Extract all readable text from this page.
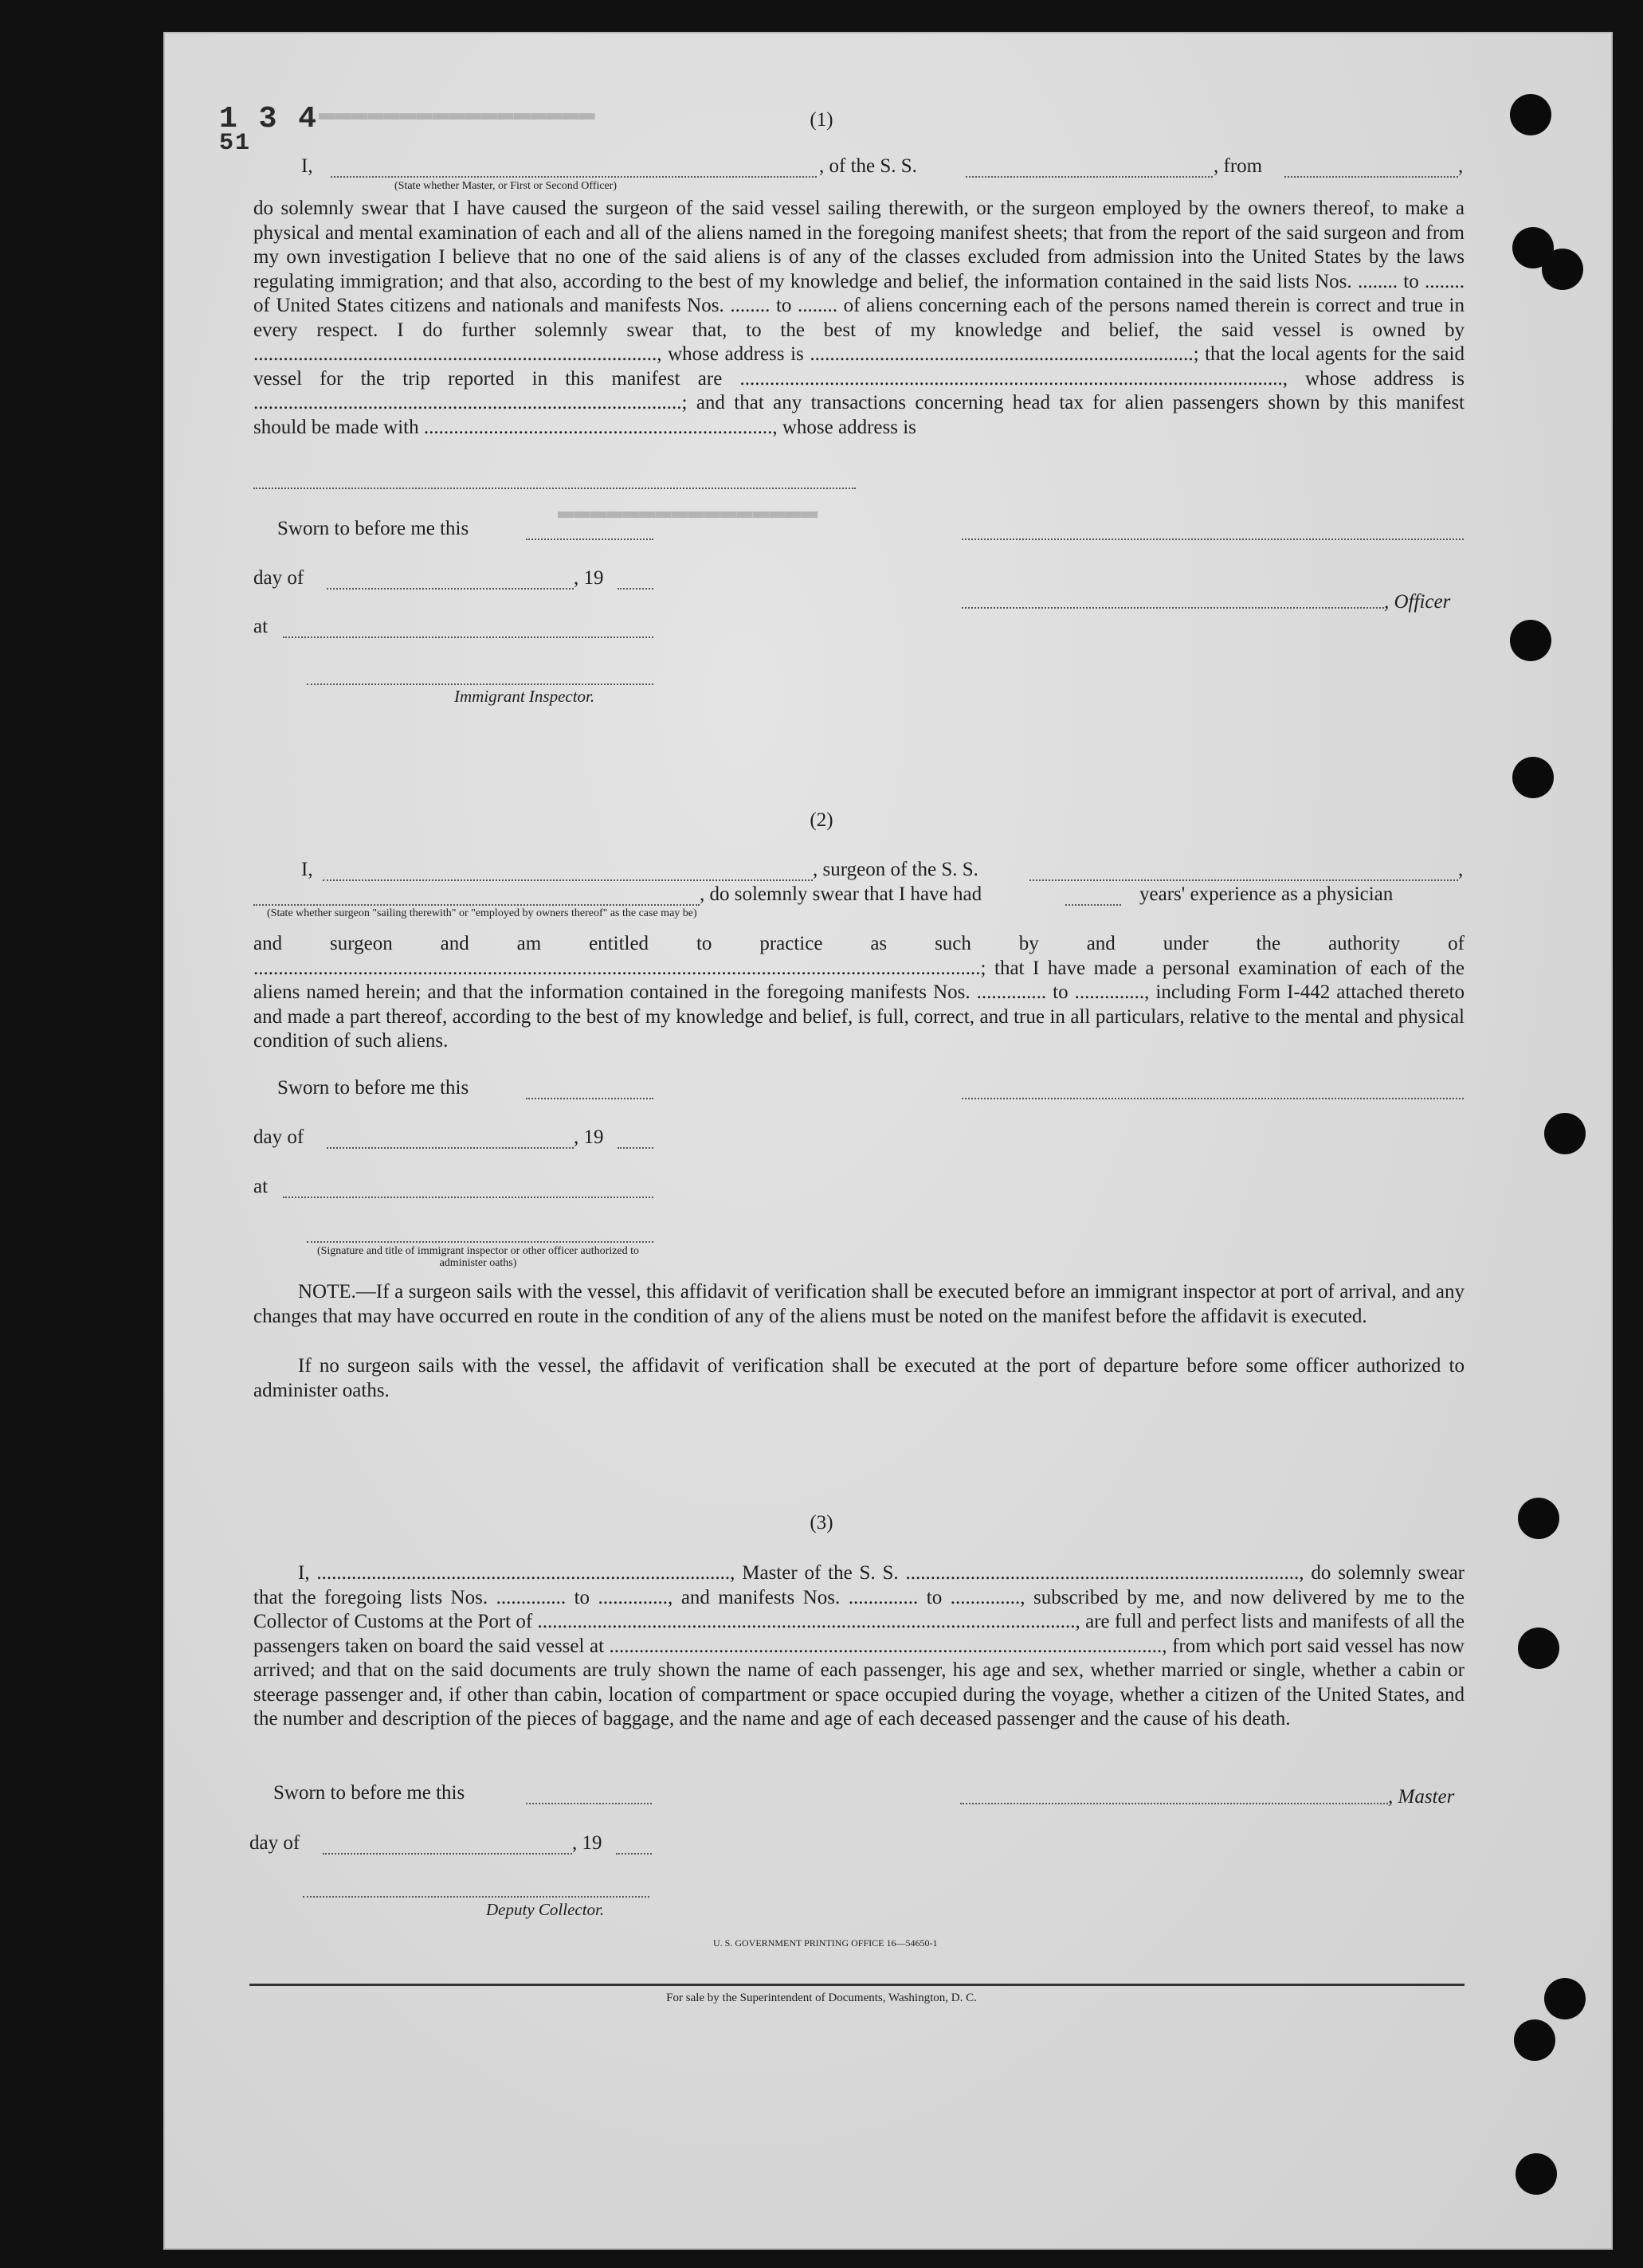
▬▬▬▬▬▬▬▬▬▬▬▬▬▬▬▬▬
▬▬▬▬▬▬▬▬▬▬▬▬▬▬▬▬
1 3 4
51
(1)
I,	, of the S. S.	, from	,
(State whether Master, or First or Second Officer)
do solemnly swear that I have caused the surgeon of the said vessel sailing therewith, or the surgeon employed by the owners thereof, to make a physical and mental examination of each and all of the aliens named in the foregoing manifest sheets; that from the report of the said surgeon and from my own investigation I believe that no one of the said aliens is of any of the classes excluded from admission into the United States by the laws regulating immigration; and that also, according to the best of my knowledge and belief, the information contained in the said lists Nos. ........ to ........ of United States citizens and nationals and manifests Nos. ........ to ........ of aliens concerning each of the persons named therein is correct and true in every respect. I do further solemnly swear that, to the best of my knowledge and belief, the said vessel is owned by ................................................................................., whose address is .............................................................................; that the local agents for the said vessel for the trip reported in this manifest are ............................................................................................................., whose address is ......................................................................................; and that any transactions concerning head tax for alien passengers shown by this manifest should be made with ......................................................................, whose address is
Sworn to before me this
day of	, 19
, Officer
at
Immigrant Inspector.
(2)
I,	, surgeon of the S. S.	,
, do solemnly swear that I have had	years' experience as a physician
(State whether surgeon "sailing therewith" or "employed by owners thereof" as the case may be)
and surgeon and am entitled to practice as such by and under the authority of ..................................................................................................................................................; that I have made a personal examination of each of the aliens named herein; and that the information contained in the foregoing manifests Nos. .............. to .............., including Form I-442 attached thereto and made a part thereof, according to the best of my knowledge and belief, is full, correct, and true in all particulars, relative to the mental and physical condition of such aliens.
Sworn to before me this
day of	, 19
at
(Signature and title of immigrant inspector or other officer authorized to administer oaths)
NOTE.—If a surgeon sails with the vessel, this affidavit of verification shall be executed before an immigrant inspector at port of arrival, and any changes that may have occurred en route in the condition of any of the aliens must be noted on the manifest before the affidavit is executed.
If no surgeon sails with the vessel, the affidavit of verification shall be executed at the port of departure before some officer authorized to administer oaths.
(3)
I, ..................................................................................., Master of the S. S. ..............................................................................., do solemnly swear that the foregoing lists Nos. .............. to .............., and manifests Nos. .............. to .............., subscribed by me, and now delivered by me to the Collector of Customs at the Port of ............................................................................................................, are full and perfect lists and manifests of all the passengers taken on board the said vessel at ..............................................................................................................., from which port said vessel has now arrived; and that on the said documents are truly shown the name of each passenger, his age and sex, whether married or single, whether a cabin or steerage passenger and, if other than cabin, location of compartment or space occupied during the voyage, whether a citizen of the United States, and the number and description of the pieces of baggage, and the name and age of each deceased passenger and the cause of his death.
Sworn to before me this	, Master
day of	, 19
Deputy Collector.
U. S. GOVERNMENT PRINTING OFFICE 16—54650-1
For sale by the Superintendent of Documents, Washington, D. C.
